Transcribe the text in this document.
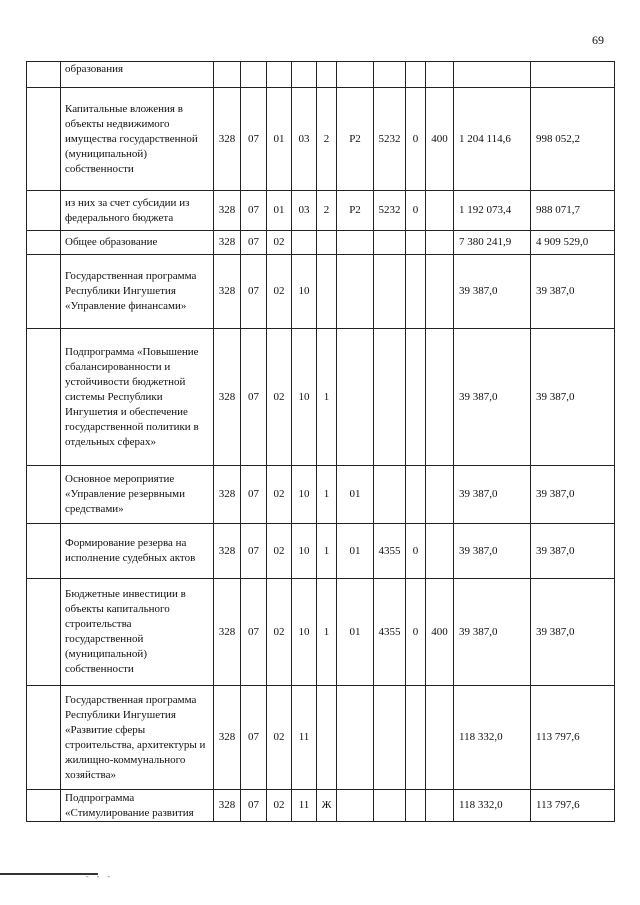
69
	образования											
	Капитальные вложения в объекты недвижимого имущества государственной (муниципальной) собственности	328	07	01	03	2	Р2	5232	0	400	1 204 114,6	998 052,2
	из них за счет субсидии из федерального бюджета	328	07	01	03	2	Р2	5232	0		1 192 073,4	988 071,7
	Общее образование	328	07	02							7 380 241,9	4 909 529,0
	Государственная программа Республики Ингушетия «Управление финансами»	328	07	02	10						39 387,0	39 387,0
	Подпрограмма «Повышение сбалансированности и устойчивости бюджетной системы Республики Ингушетия и обеспечение государственной политики в отдельных сферах»	328	07	02	10	1					39 387,0	39 387,0
	Основное мероприятие «Управление резервными средствами»	328	07	02	10	1	01				39 387,0	39 387,0
	Формирование резерва на исполнение судебных актов	328	07	02	10	1	01	4355	0		39 387,0	39 387,0
	Бюджетные инвестиции в объекты капитального строительства государственной (муниципальной) собственности	328	07	02	10	1	01	4355	0	400	39 387,0	39 387,0
	Государственная программа Республики Ингушетия «Развитие сферы строительства, архитектуры и жилищно-коммунального хозяйства»	328	07	02	11						118 332,0	113 797,6
	Подпрограмма «Стимулирование развития	328	07	02	11	Ж					118 332,0	113 797,6
- - -
